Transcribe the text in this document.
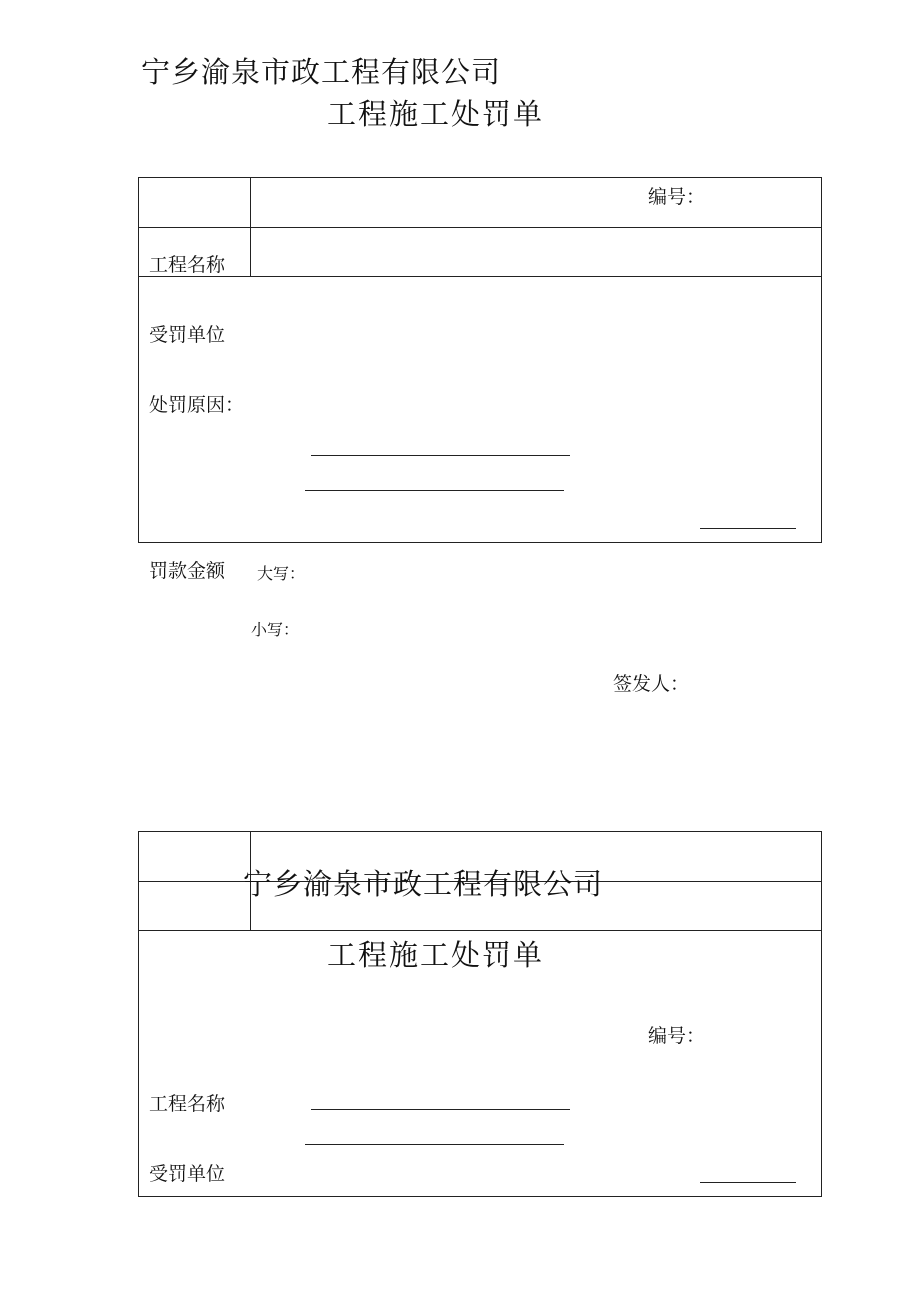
宁乡渝泉市政工程有限公司
工程施工处罚单
编号：
工程名称
受罚单位
处罚原因：
罚款金额 大写：
小写：
签发人：
宁乡渝泉市政工程有限公司
工程施工处罚单
编号：
工程名称
受罚单位
